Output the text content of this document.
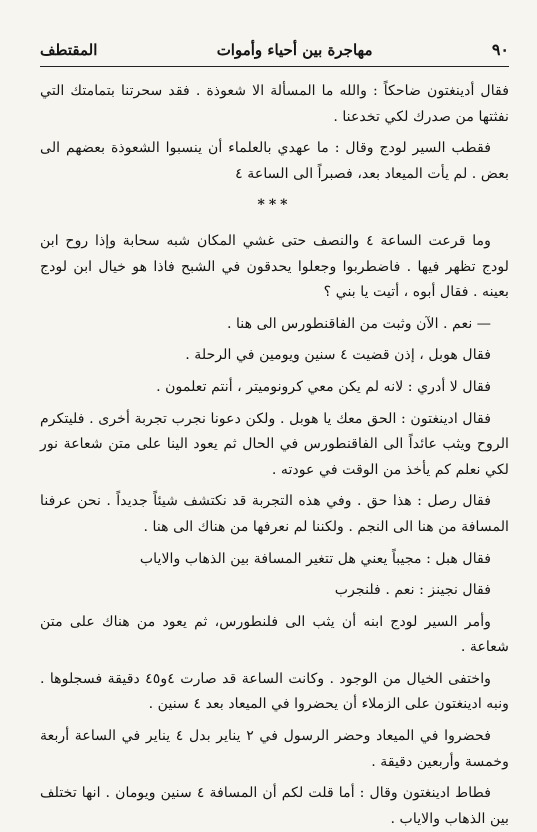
٩٠
مهاجرة بين أحياء وأموات
المقتطف

فقال أدينغتون ضاحكاً : والله ما المسألة الا شعوذة . فقد سحرتنا بتمامتك التي نفثتها من صدرك لكي تخدعنا .

فقطب السير لودج وقال : ما عهدي بالعلماء أن ينسبوا الشعوذة بعضهم الى بعض . لم يأت الميعاد بعد، فصبراً الى الساعة ٤

***

وما قرعت الساعة ٤ والنصف حتى غشي المكان شبه سحابة وإذا روح ابن لودج تظهر فيها . فاضطربوا وجعلوا يحدقون في الشبح فاذا هو خيال ابن لودج بعينه . فقال أبوه ، أتيت يا بني ؟

— نعم . الآن وثبت من الفاقنطورس الى هنا .

فقال هوبل ، إذن قضيت ٤ سنين ويومين في الرحلة .

فقال لا أدري : لانه لم يكن معي كرونوميتر ، أنتم تعلمون .

فقال ادينغتون : الحق معك يا هوبل . ولكن دعونا نجرب تجربة أخرى . فليتكرم الروح ويثب عائداً الى الفاقنطورس في الحال ثم يعود الينا على متن شعاعة نور لكي نعلم كم يأخذ من الوقت في عودته .

فقال رصل : هذا حق . وفي هذه التجربة قد نكتشف شيئاً جديداً . نحن عرفنا المسافة من هنا الى النجم . ولكننا لم نعرفها من هناك الى هنا .

فقال هبل : مجيباً يعني هل تتغير المسافة بين الذهاب والاياب

فقال نجينز : نعم . فلنجرب

وأمر السير لودج ابنه أن يثب الى فلنطورس، ثم يعود من هناك على متن شعاعة .

واختفى الخيال من الوجود . وكانت الساعة قد صارت ٤و٤٥ دقيقة فسجلوها . ونبه ادينغتون على الزملاء أن يحضروا في الميعاد بعد ٤ سنين .

فحضروا في الميعاد وحضر الرسول في ٢ يناير بدل ٤ يناير في الساعة أربعة وخمسة وأربعين دقيقة .

فطاط ادينغتون وقال : أما قلت لكم أن المسافة ٤ سنين ويومان . انها تختلف بين الذهاب والاياب .
